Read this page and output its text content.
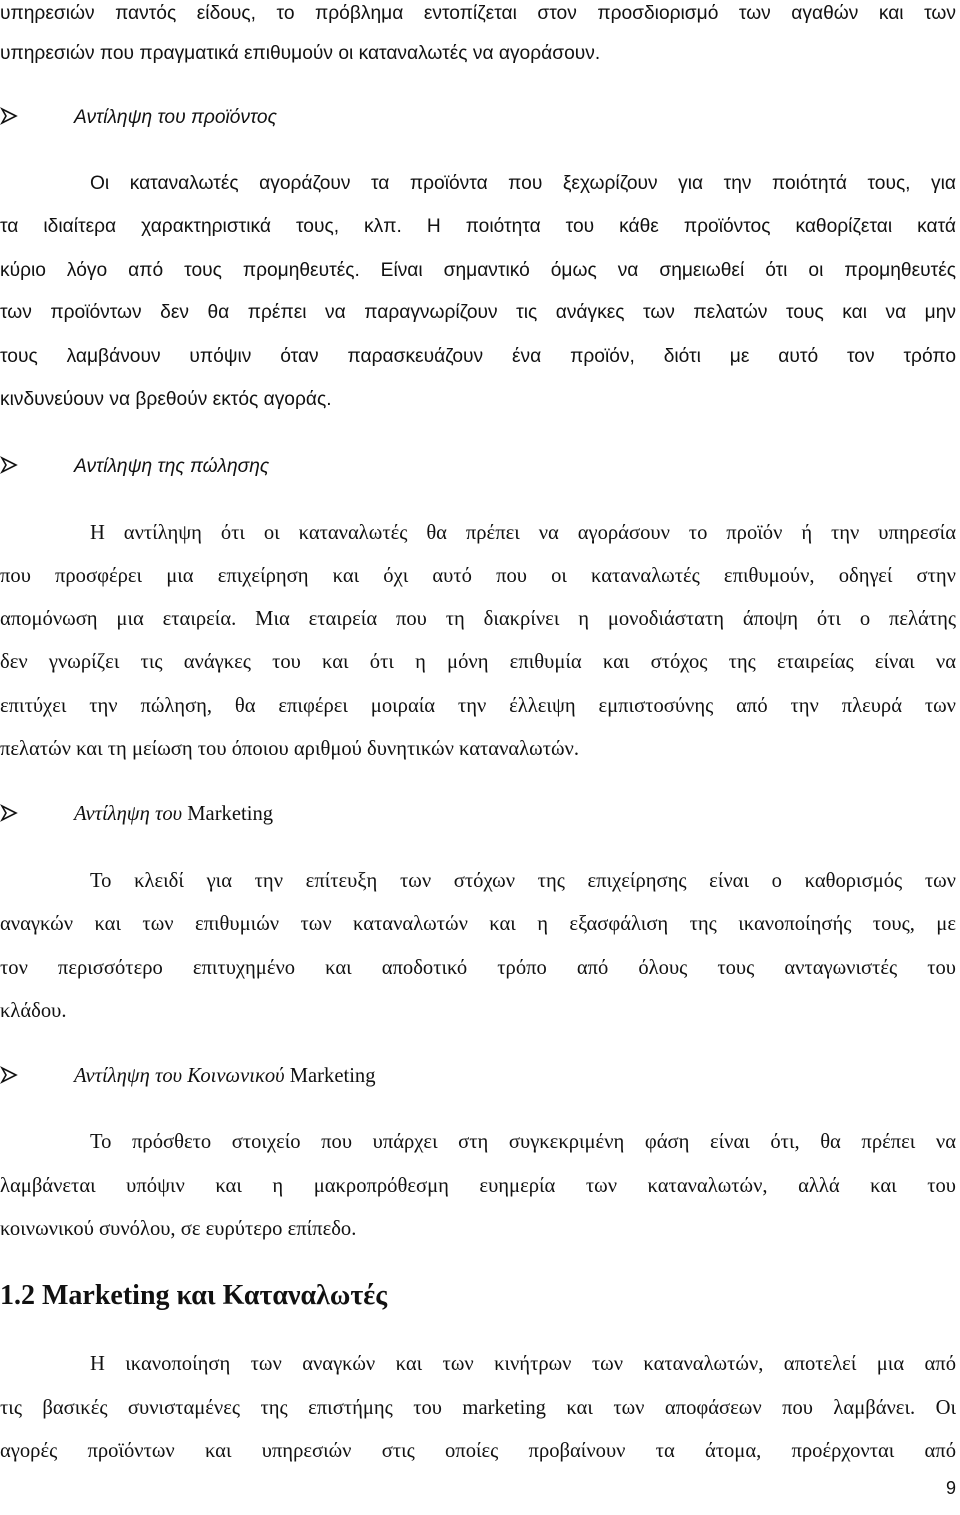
υπηρεσιών παντός είδους, το πρόβλημα εντοπίζεται στον προσδιορισμό των αγαθών και των
υπηρεσιών που πραγματικά επιθυμούν οι καταναλωτές να αγοράσουν.
Αντίληψη του προϊόντος
Οι καταναλωτές αγοράζουν τα προϊόντα που ξεχωρίζουν για την ποιότητά τους, για
τα ιδιαίτερα χαρακτηριστικά τους, κλπ. Η ποιότητα του κάθε προϊόντος καθορίζεται κατά
κύριο λόγο από τους προμηθευτές. Είναι σημαντικό όμως να σημειωθεί ότι οι προμηθευτές
των προϊόντων δεν θα πρέπει να παραγνωρίζουν τις ανάγκες των πελατών τους και να μην
τους λαμβάνουν υπόψιν όταν παρασκευάζουν ένα προϊόν, διότι με αυτό τον τρόπο
κινδυνεύουν να βρεθούν εκτός αγοράς.
Αντίληψη της πώλησης
Η αντίληψη ότι οι καταναλωτές θα πρέπει να αγοράσουν το προϊόν ή την υπηρεσία
που προσφέρει μια επιχείρηση και όχι αυτό που οι καταναλωτές επιθυμούν, οδηγεί στην
απομόνωση μια εταιρεία. Μια εταιρεία που τη διακρίνει η μονοδιάστατη άποψη ότι ο πελάτης
δεν γνωρίζει τις ανάγκες του και ότι η μόνη επιθυμία και στόχος της εταιρείας είναι να
επιτύχει την πώληση, θα επιφέρει μοιραία την έλλειψη εμπιστοσύνης από την πλευρά των
πελατών και τη μείωση του όποιου αριθμού δυνητικών καταναλωτών.
Αντίληψη του Marketing
Το κλειδί για την επίτευξη των στόχων της επιχείρησης είναι ο καθορισμός των
αναγκών και των επιθυμιών των καταναλωτών και η εξασφάλιση της ικανοποίησής τους, με
τον περισσότερο επιτυχημένο και αποδοτικό τρόπο από όλους τους ανταγωνιστές του
κλάδου.
Αντίληψη του Κοινωνικού Marketing
Το πρόσθετο στοιχείο που υπάρχει στη συγκεκριμένη φάση είναι ότι, θα πρέπει να
λαμβάνεται υπόψιν και η μακροπρόθεσμη ευημερία των καταναλωτών, αλλά και του
κοινωνικού συνόλου, σε ευρύτερο επίπεδο.
1.2 Marketing και Καταναλωτές
Η ικανοποίηση των αναγκών και των κινήτρων των καταναλωτών, αποτελεί μια από
τις βασικές συνισταμένες της επιστήμης του marketing και των αποφάσεων που λαμβάνει. Οι
αγορές προϊόντων και υπηρεσιών στις οποίες προβαίνουν τα άτομα, προέρχονται από
9
